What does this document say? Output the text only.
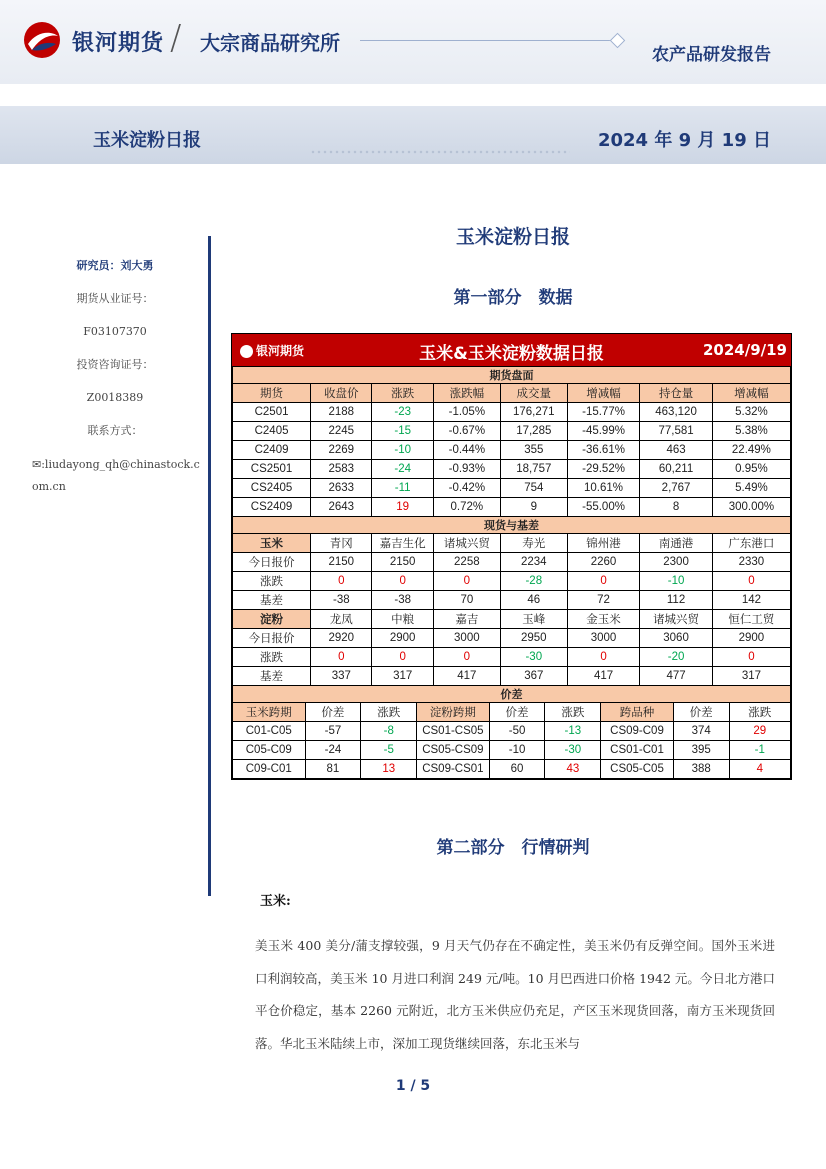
银河期货 / 大宗商品研究所	农产品研发报告
玉米淀粉日报	2024 年 9 月 19 日
研究员：刘大勇
期货从业证号：
F03107370
投资咨询证号：
Z0018389
联系方式：
✉:liudayong_qh@chinastock.com.cn
玉米淀粉日报
第一部分　数据
银河期货	玉米&玉米淀粉数据日报	2024/9/19
期货盘面							
期货	收盘价	涨跌	涨跌幅	成交量	增减幅	持仓量	增减幅
C2501	2188	-23	-1.05%	176,271	-15.77%	463,120	5.32%
C2405	2245	-15	-0.67%	17,285	-45.99%	77,581	5.38%
C2409	2269	-10	-0.44%	355	-36.61%	463	22.49%
CS2501	2583	-24	-0.93%	18,757	-29.52%	60,211	0.95%
CS2405	2633	-11	-0.42%	754	10.61%	2,767	5.49%
CS2409	2643	19	0.72%	9	-55.00%	8	300.00%
现货与基差							
玉米	青冈	嘉吉生化	诸城兴贸	寿光	锦州港	南通港	广东港口
今日报价	2150	2150	2258	2234	2260	2300	2330
涨跌	0	0	0	-28	0	-10	0
基差	-38	-38	70	46	72	112	142
淀粉	龙凤	中粮	嘉吉	玉峰	金玉米	诸城兴贸	恒仁工贸
今日报价	2920	2900	3000	2950	3000	3060	2900
涨跌	0	0	0	-30	0	-20	0
基差	337	317	417	367	417	477	317
价差								
玉米跨期	价差	涨跌	淀粉跨期	价差	涨跌	跨品种	价差	涨跌
C01-C05	-57	-8	CS01-CS05	-50	-13	CS09-C09	374	29
C05-C09	-24	-5	CS05-CS09	-10	-30	CS01-C01	395	-1
C09-C01	81	13	CS09-CS01	60	43	CS05-C05	388	4
第二部分　行情研判
玉米:
美玉米 400 美分/蒲支撑较强，9 月天气仍存在不确定性，美玉米仍有反弹空间。国外玉米进口利润较高，美玉米 10 月进口利润 249 元/吨。10 月巴西进口价格 1942 元。今日北方港口平仓价稳定，基本 2260 元附近，北方玉米供应仍充足，产区玉米现货回落，南方玉米现货回落。华北玉米陆续上市，深加工现货继续回落，东北玉米与
1 / 5
